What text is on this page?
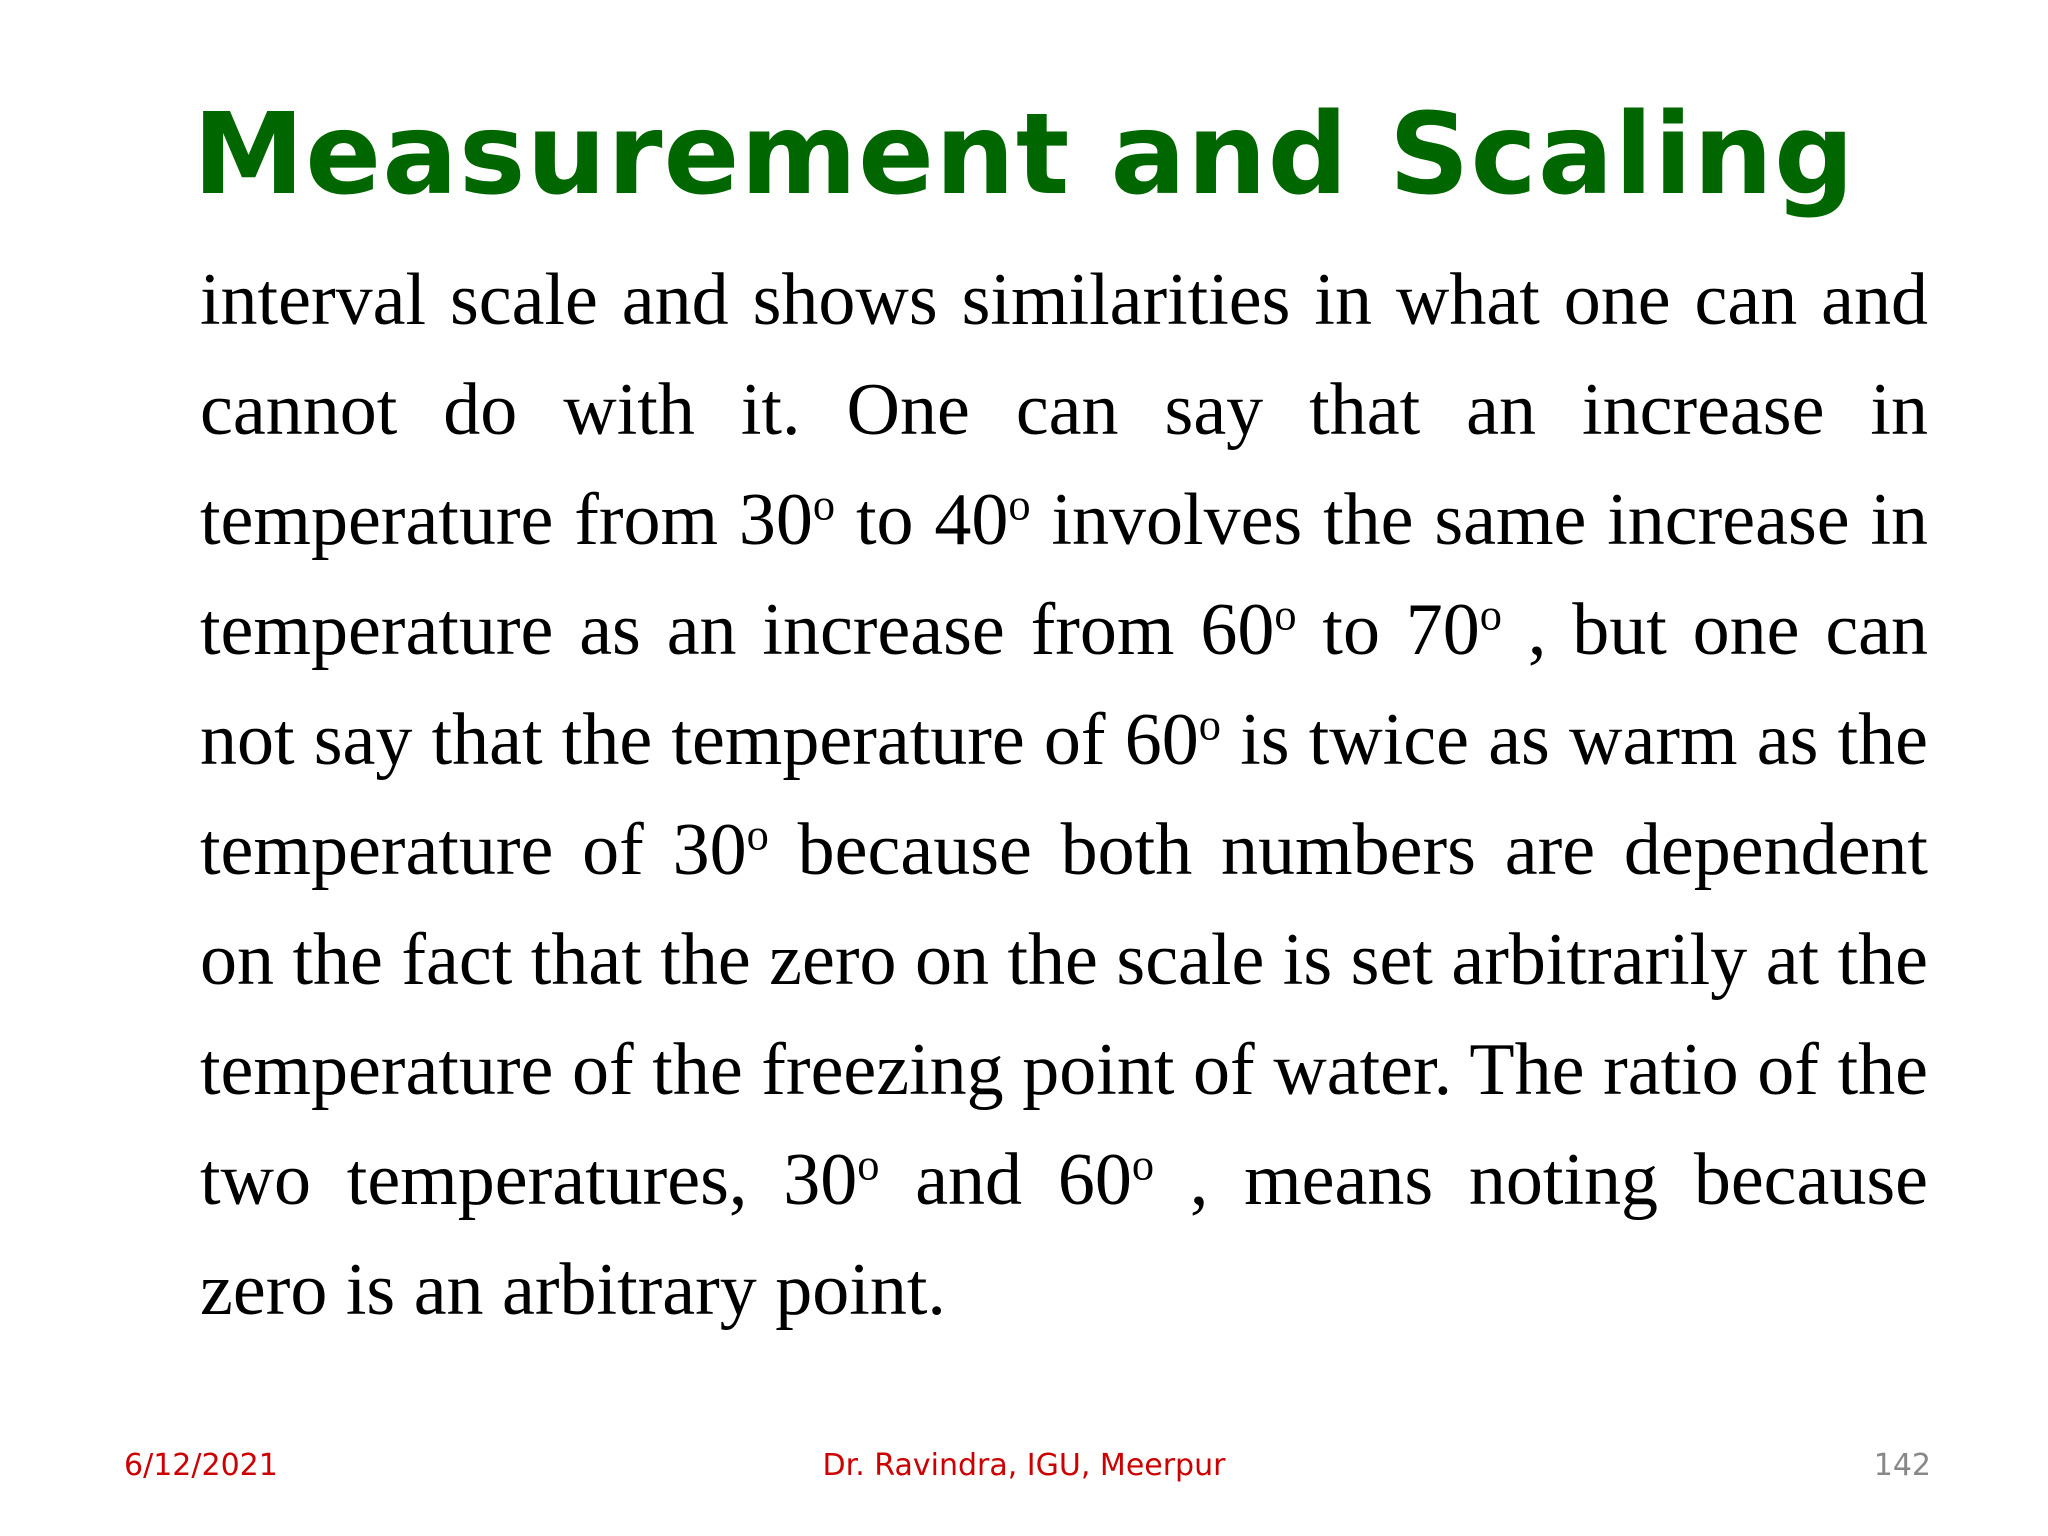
Measurement and Scaling
interval scale and shows similarities in what one can and
cannot do with it. One can say that an increase in
temperature from 30$^o$ to 40$^o$ involves the same increase in
temperature as an increase from 60$^o$ to 70$^o$ , but one can
not say that the temperature of 60$^o$ is twice as warm as the
temperature of 30$^o$ because both numbers are dependent
on the fact that the zero on the scale is set arbitrarily at the
temperature of the freezing point of water. The ratio of the
two temperatures, 30$^o$ and 60$^o$ , means noting because
zero is an arbitrary point.
6/12/2021	Dr. Ravindra, IGU, Meerpur	142
